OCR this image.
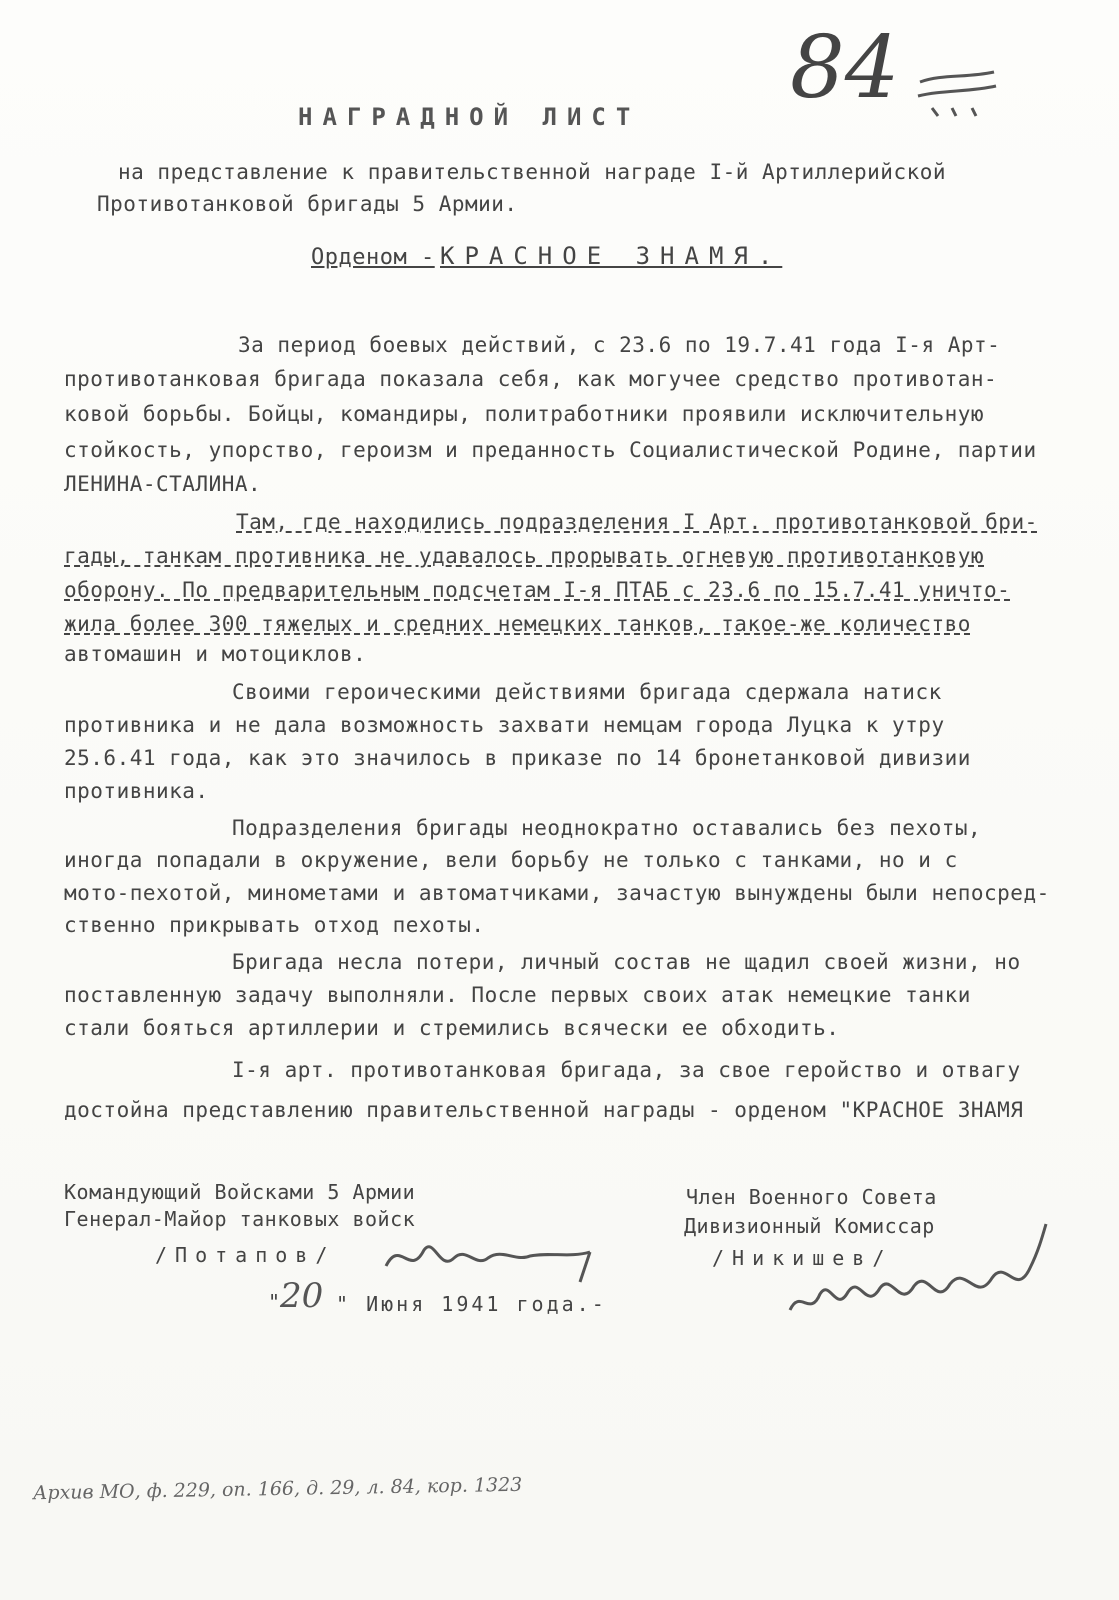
84
НАГРАДНОЙ ЛИСТ
на представление к правительственной награде I-й Артиллерийской
Противотанковой бригады 5 Армии.
Орденом - КРАСНОЕ ЗНАМЯ.
За период боевых действий, с 23.6 по 19.7.41 года I-я Арт-
противотанковая бригада показала себя, как могучее средство противотан-
ковой борьбы. Бойцы, командиры, политработники проявили исключительную
стойкость, упорство, героизм и преданность Социалистической Родине, партии
ЛЕНИНА-СТАЛИНА.
Там, где находились подразделения I Арт. противотанковой бри-
гады, танкам противника не удавалось прорывать огневую противотанковую
оборону. По предварительным подсчетам I-я ПТАБ с 23.6 по 15.7.41 уничто-
жила более 300 тяжелых и средних немецких танков, такое-же количество
автомашин и мотоциклов.
Своими героическими действиями бригада сдержала натиск
противника и не дала возможность захвати немцам города Луцка к утру
25.6.41 года, как это значилось в приказе по 14 бронетанковой дивизии
противника.
Подразделения бригады неоднократно оставались без пехоты,
иногда попадали в окружение, вели борьбу не только с танками, но и с
мото-пехотой, минометами и автоматчиками, зачастую вынуждены были непосред-
ственно прикрывать отход пехоты.
Бригада несла потери, личный состав не щадил своей жизни, но
поставленную задачу выполняли. После первых своих атак немецкие танки
стали бояться артиллерии и стремились всячески ее обходить.
I-я арт. противотанковая бригада, за свое геройство и отвагу
достойна представлению правительственной награды - орденом "КРАСНОЕ ЗНАМЯ
Командующий Войсками 5 Армии
Генерал-Майор танковых войск
/Потапов/
" 20 " Июня 1941 года.-
Член Военного Совета
Дивизионный Комиссар
/Никишев/
Архив МО, ф. 229, оп. 166, д. 29, л. 84, кор. 1323
